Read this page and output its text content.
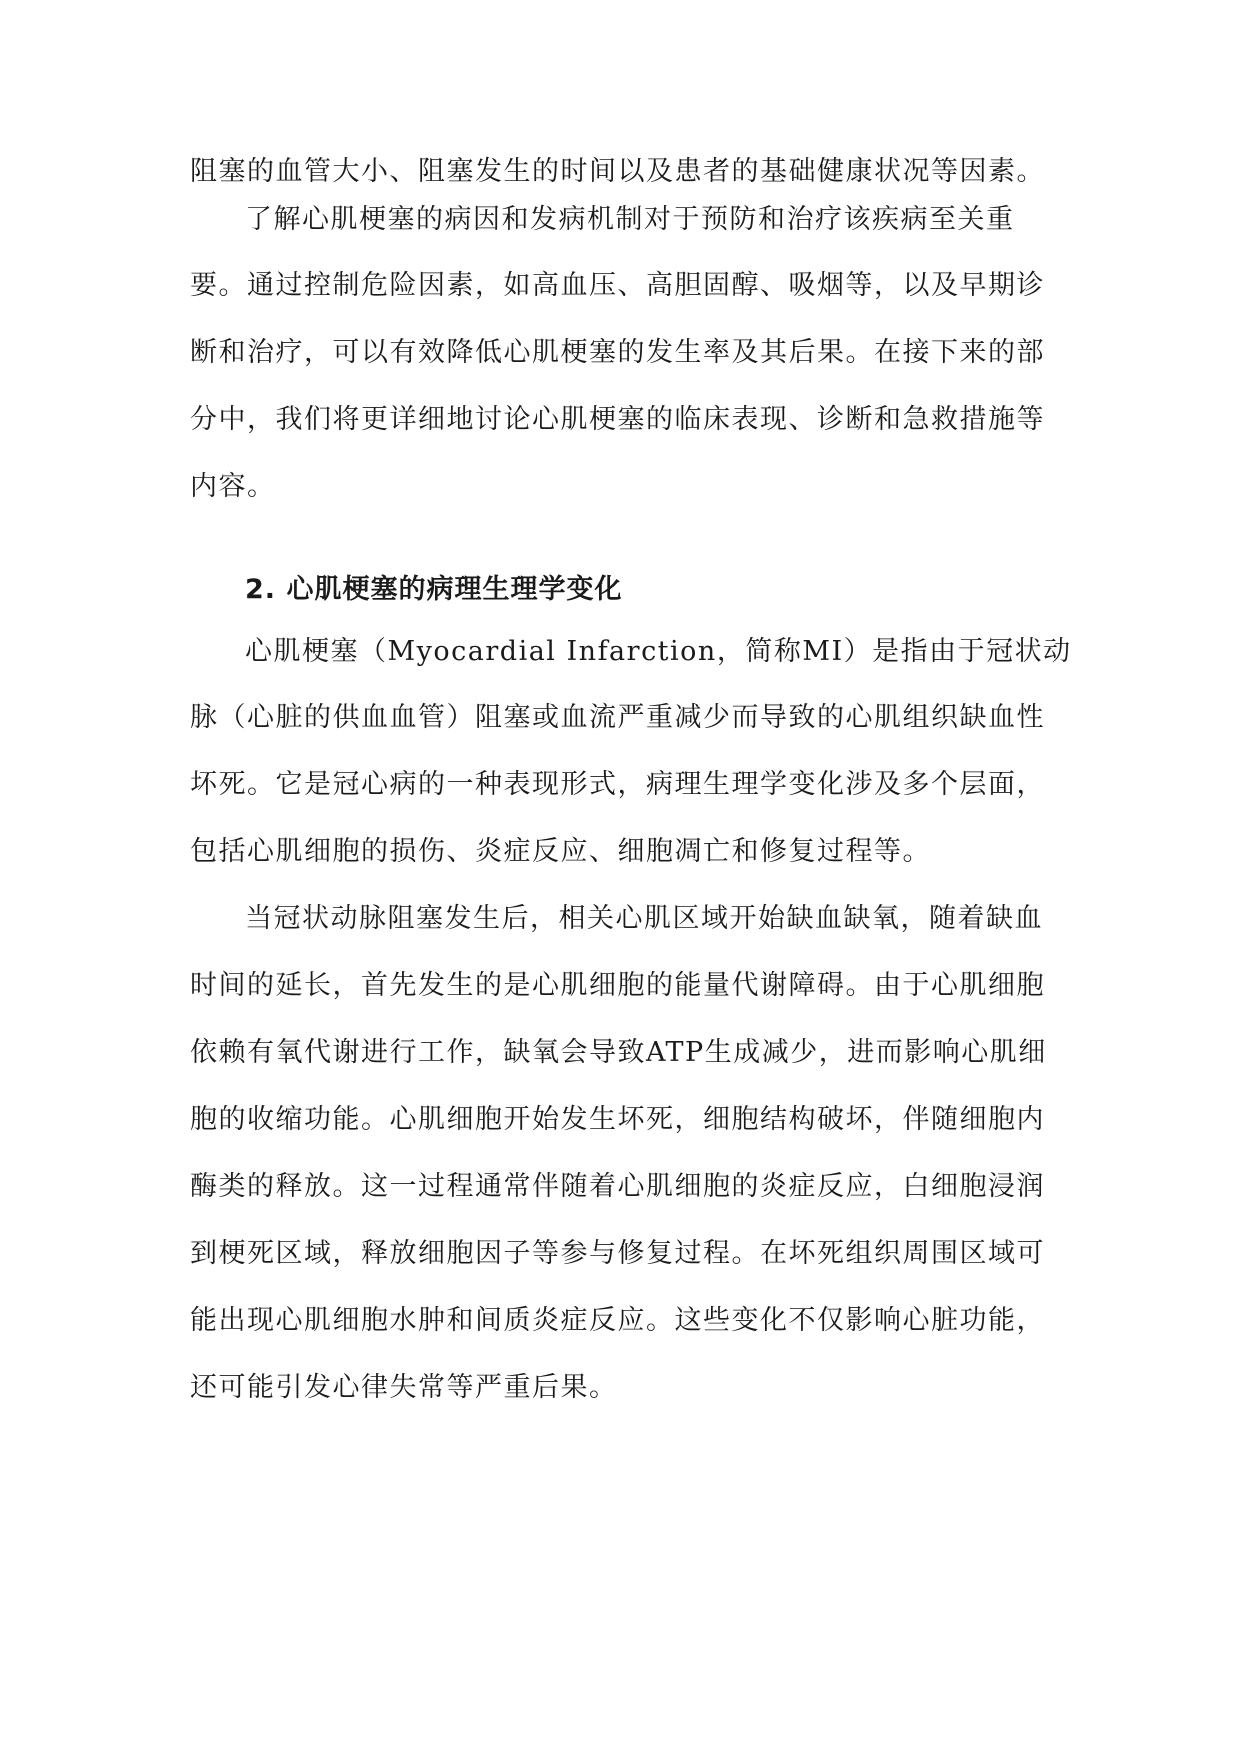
阻塞的血管大小、阻塞发生的时间以及患者的基础健康状况等因素。
了解心肌梗塞的病因和发病机制对于预防和治疗该疾病至关重
要。通过控制危险因素，如高血压、高胆固醇、吸烟等，以及早期诊
断和治疗，可以有效降低心肌梗塞的发生率及其后果。在接下来的部
分中，我们将更详细地讨论心肌梗塞的临床表现、诊断和急救措施等
内容。
2. 心肌梗塞的病理生理学变化
心肌梗塞（Myocardial Infarction，简称MI）是指由于冠状动
脉（心脏的供血血管）阻塞或血流严重减少而导致的心肌组织缺血性
坏死。它是冠心病的一种表现形式，病理生理学变化涉及多个层面，
包括心肌细胞的损伤、炎症反应、细胞凋亡和修复过程等。
当冠状动脉阻塞发生后，相关心肌区域开始缺血缺氧，随着缺血
时间的延长，首先发生的是心肌细胞的能量代谢障碍。由于心肌细胞
依赖有氧代谢进行工作，缺氧会导致ATP生成减少，进而影响心肌细
胞的收缩功能。心肌细胞开始发生坏死，细胞结构破坏，伴随细胞内
酶类的释放。这一过程通常伴随着心肌细胞的炎症反应，白细胞浸润
到梗死区域，释放细胞因子等参与修复过程。在坏死组织周围区域可
能出现心肌细胞水肿和间质炎症反应。这些变化不仅影响心脏功能，
还可能引发心律失常等严重后果。
